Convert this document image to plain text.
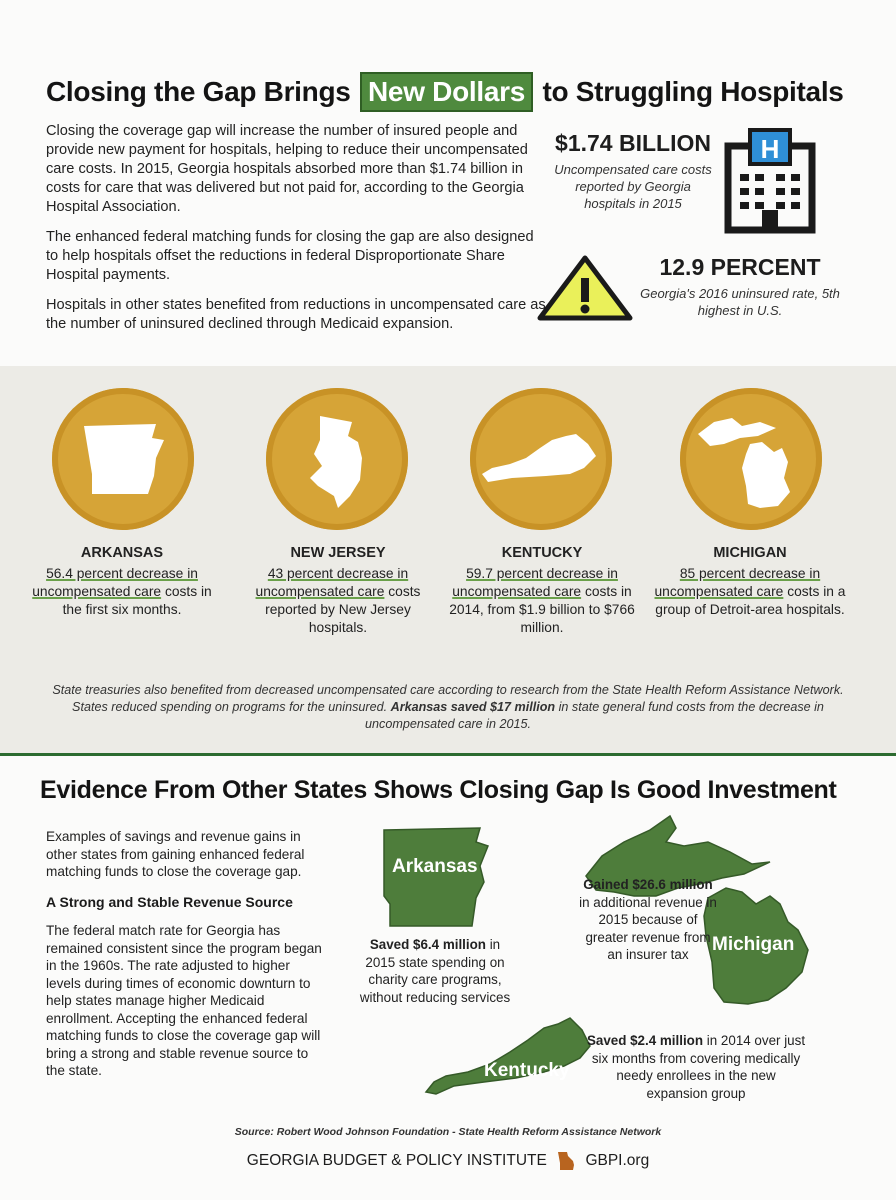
Closing the Gap Brings New Dollars to Struggling Hospitals

Closing the coverage gap will increase the number of insured people and provide new payment for hospitals, helping to reduce their uncompensated care costs. In 2015, Georgia hospitals absorbed more than $1.74 billion in costs for care that was delivered but not paid for, according to the Georgia Hospital Association.

The enhanced federal matching funds for closing the gap are also designed to help hospitals offset the reductions in federal Disproportionate Share Hospital payments.

Hospitals in other states benefited from reductions in uncompensated care as the number of uninsured declined through Medicaid expansion.

$1.74 BILLION
Uncompensated care costs reported by Georgia hospitals in 2015
H
12.9 PERCENT
Georgia's 2016 uninsured rate, 5th highest in U.S.
ARKANSAS
56.4 percent decrease in uncompensated care costs in the first six months.
NEW JERSEY
43 percent decrease in uncompensated care costs reported by New Jersey hospitals.
KENTUCKY
59.7 percent decrease in uncompensated care costs in 2014, from $1.9 billion to $766 million.
MICHIGAN
85 percent decrease in uncompensated care costs in a group of Detroit-area hospitals.
State treasuries also benefited from decreased uncompensated care according to research from the State Health Reform Assistance Network. States reduced spending on programs for the uninsured. Arkansas saved $17 million in state general fund costs from the decrease in uncompensated care in 2015.
Evidence From Other States Shows Closing Gap Is Good Investment
Examples of savings and revenue gains in other states from gaining enhanced federal matching funds to close the coverage gap.
A Strong and Stable Revenue Source
The federal match rate for Georgia has remained consistent since the program began in the 1960s. The rate adjusted to higher levels during times of economic downturn to help states manage higher Medicaid enrollment. Accepting the enhanced federal matching funds to close the coverage gap will bring a strong and stable revenue source to the state.
Arkansas
Saved $6.4 million in 2015 state spending on charity care programs, without reducing services
Michigan
Gained $26.6 million in additional revenue in 2015 because of greater revenue from an insurer tax
Kentucky
Saved $2.4 million in 2014 over just six months from covering medically needy enrollees in the new expansion group
Source: Robert Wood Johnson Foundation - State Health Reform Assistance Network
GEORGIA BUDGET & POLICY INSTITUTE GBPI.org
